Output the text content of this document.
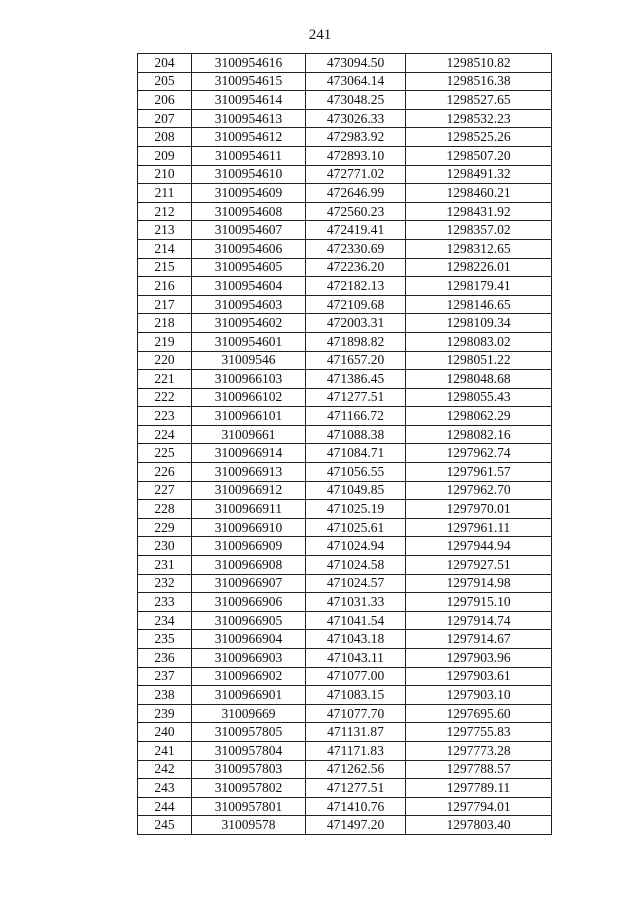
241
204	3100954616	473094.50	1298510.82
205	3100954615	473064.14	1298516.38
206	3100954614	473048.25	1298527.65
207	3100954613	473026.33	1298532.23
208	3100954612	472983.92	1298525.26
209	3100954611	472893.10	1298507.20
210	3100954610	472771.02	1298491.32
211	3100954609	472646.99	1298460.21
212	3100954608	472560.23	1298431.92
213	3100954607	472419.41	1298357.02
214	3100954606	472330.69	1298312.65
215	3100954605	472236.20	1298226.01
216	3100954604	472182.13	1298179.41
217	3100954603	472109.68	1298146.65
218	3100954602	472003.31	1298109.34
219	3100954601	471898.82	1298083.02
220	31009546	471657.20	1298051.22
221	3100966103	471386.45	1298048.68
222	3100966102	471277.51	1298055.43
223	3100966101	471166.72	1298062.29
224	31009661	471088.38	1298082.16
225	3100966914	471084.71	1297962.74
226	3100966913	471056.55	1297961.57
227	3100966912	471049.85	1297962.70
228	3100966911	471025.19	1297970.01
229	3100966910	471025.61	1297961.11
230	3100966909	471024.94	1297944.94
231	3100966908	471024.58	1297927.51
232	3100966907	471024.57	1297914.98
233	3100966906	471031.33	1297915.10
234	3100966905	471041.54	1297914.74
235	3100966904	471043.18	1297914.67
236	3100966903	471043.11	1297903.96
237	3100966902	471077.00	1297903.61
238	3100966901	471083.15	1297903.10
239	31009669	471077.70	1297695.60
240	3100957805	471131.87	1297755.83
241	3100957804	471171.83	1297773.28
242	3100957803	471262.56	1297788.57
243	3100957802	471277.51	1297789.11
244	3100957801	471410.76	1297794.01
245	31009578	471497.20	1297803.40
